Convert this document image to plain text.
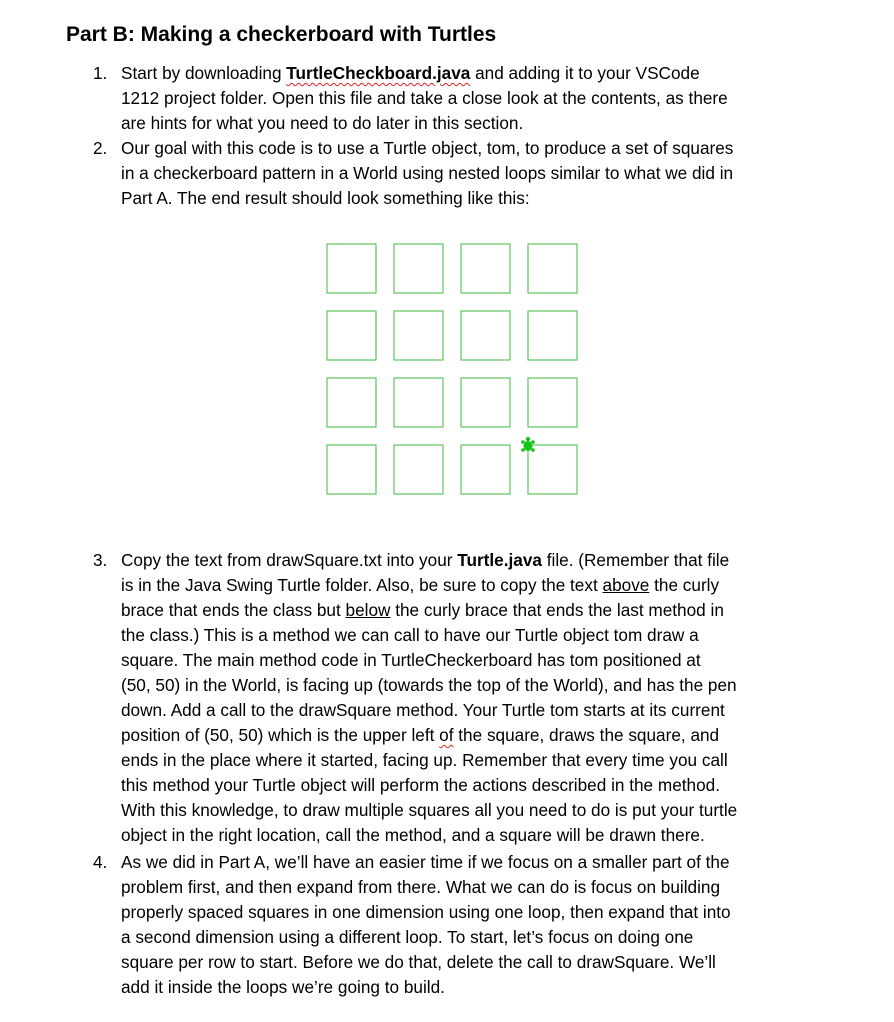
Part B: Making a checkerboard with Turtles
1. Start by downloading TurtleCheckboard.java and adding it to your VSCode
1212 project folder. Open this file and take a close look at the contents, as there
are hints for what you need to do later in this section.
2. Our goal with this code is to use a Turtle object, tom, to produce a set of squares
in a checkerboard pattern in a World using nested loops similar to what we did in
Part A. The end result should look something like this:
3. Copy the text from drawSquare.txt into your Turtle.java file. (Remember that file
is in the Java Swing Turtle folder. Also, be sure to copy the text above the curly
brace that ends the class but below the curly brace that ends the last method in
the class.) This is a method we can call to have our Turtle object tom draw a
square. The main method code in TurtleCheckerboard has tom positioned at
(50, 50) in the World, is facing up (towards the top of the World), and has the pen
down. Add a call to the drawSquare method. Your Turtle tom starts at its current
position of (50, 50) which is the upper left of the square, draws the square, and
ends in the place where it started, facing up. Remember that every time you call
this method your Turtle object will perform the actions described in the method.
With this knowledge, to draw multiple squares all you need to do is put your turtle
object in the right location, call the method, and a square will be drawn there.
4. As we did in Part A, we’ll have an easier time if we focus on a smaller part of the
problem first, and then expand from there. What we can do is focus on building
properly spaced squares in one dimension using one loop, then expand that into
a second dimension using a different loop. To start, let’s focus on doing one
square per row to start. Before we do that, delete the call to drawSquare. We’ll
add it inside the loops we’re going to build.
